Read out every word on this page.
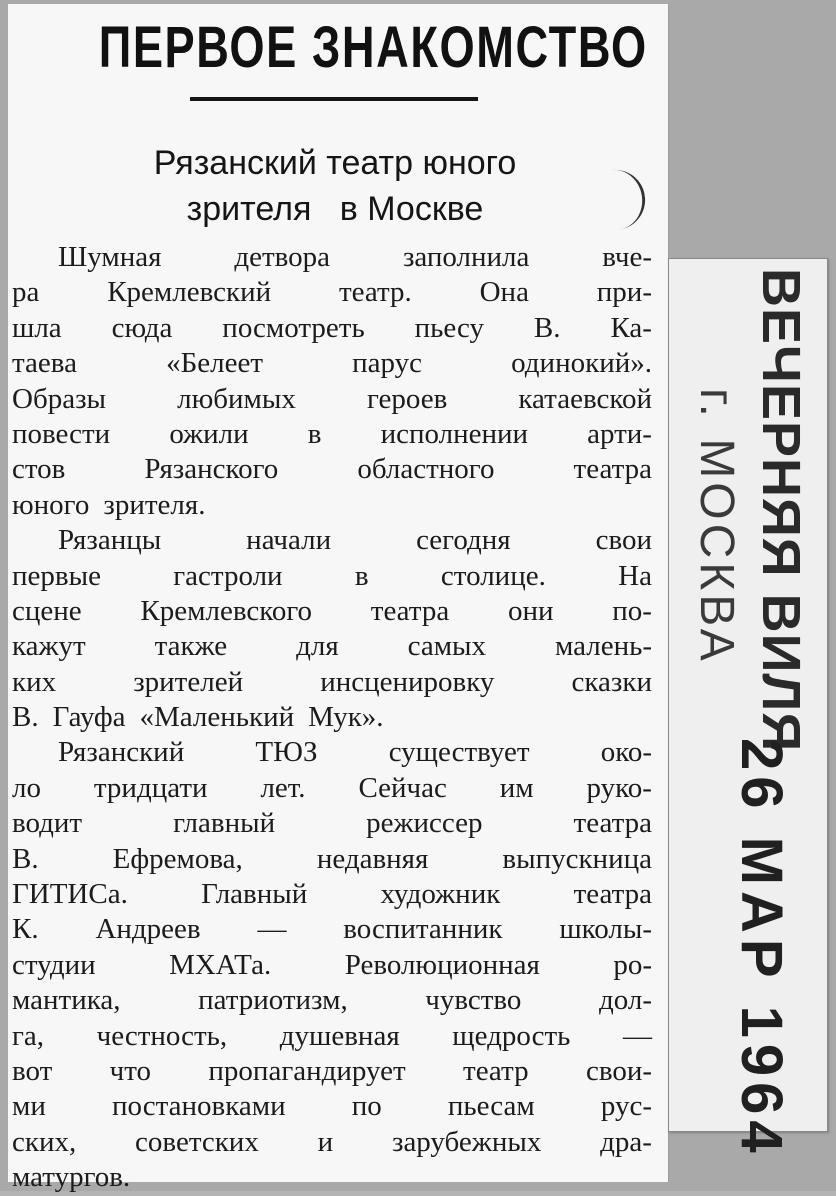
ПЕРВОЕ ЗНАКОМСТВО
Рязанский театр юного
зрителя   в Москве
Шумная	детвора	заполнила	вче-
ра Кремлевский театр. Она при-
шла сюда посмотреть пьесу В. Ка-
таева	«Белеет	парус	одинокий».
Образы любимых героев катаевской
повести ожили в исполнении арти-
стов	Рязанского	областного	театра
юного зрителя.
Рязанцы	начали	сегодня	свои
первые гастроли в столице. На
сцене Кремлевского театра они по-
кажут также для самых малень-
ких	зрителей	инсценировку	сказки
В. Гауфа «Маленький Мук».
Рязанский ТЮЗ существует око-
ло тридцати лет. Сейчас им руко-
водит	главный	режиссер	театра
В.	Ефремова,	недавняя	выпускница
ГИТИСа.	Главный	художник	театра
К. Андреев — воспитанник школы-
студии	МХАТа.	Революционная	ро-
мантика,	патриотизм,	чувство	дол-
га, честность, душевная щедрость —
вот что пропагандирует театр свои-
ми постановками по пьесам рус-
ских, советских и зарубежных дра-
матургов.
ВЕЧЕРНЯЯ ВИЛЯ
г. МОСКВА
26 МАР 1964
